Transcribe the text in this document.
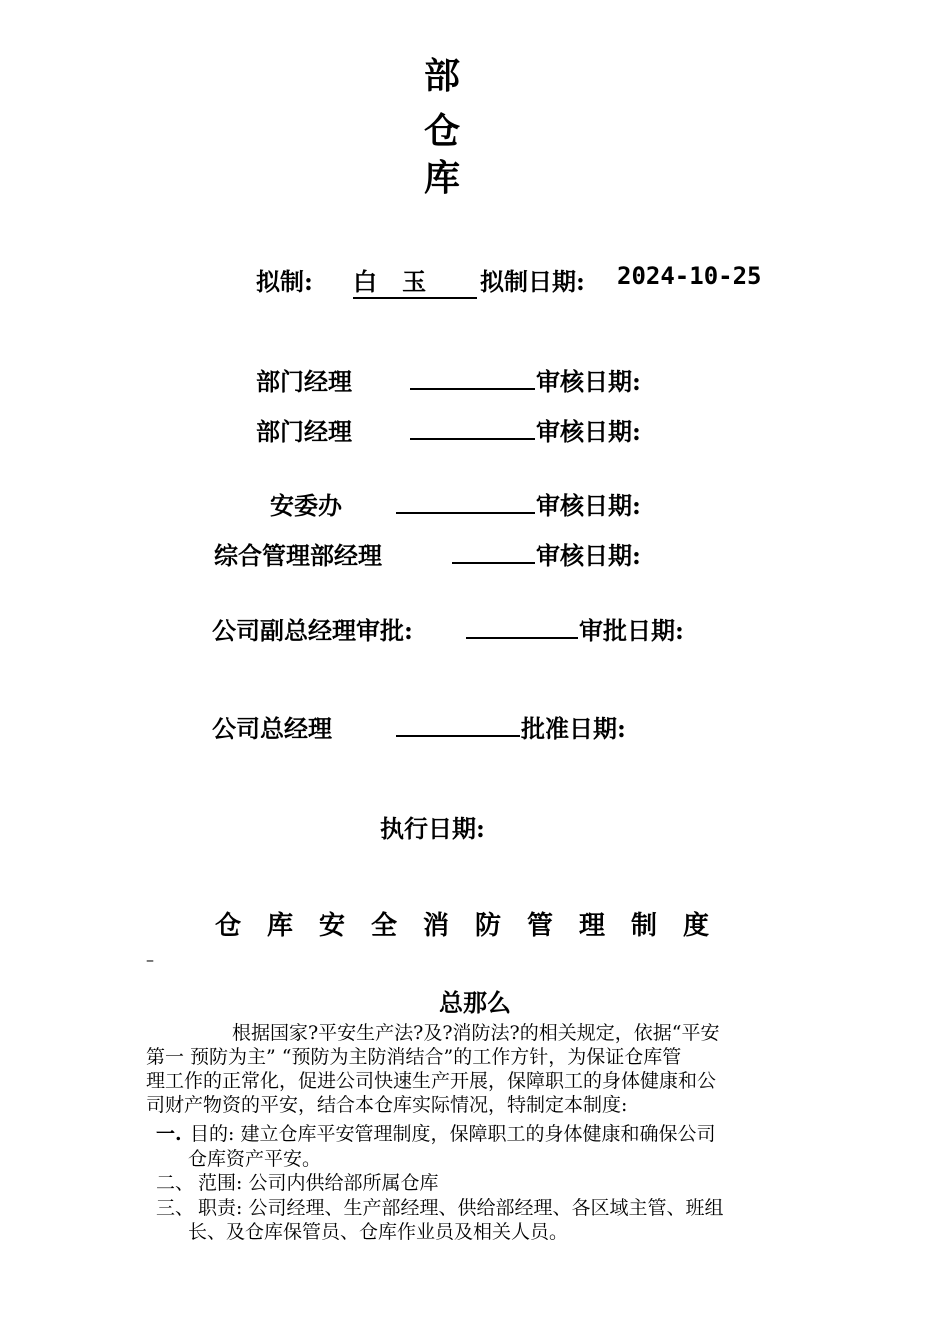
部
仓
库
拟制: 白   玉	拟制日期: 2024-10-25
部门经理	审核日期:
部门经理	审核日期:
安委办	审核日期:
综合管理部经理	审核日期:
公司副总经理审批:	审批日期:
公司总经理	批准日期:
执行日期:
仓库安全消防管理制度
–
总那么
根据国家?平安生产法?及?消防法?的相关规定，依据“平安
第一 预防为主” “预防为主防消结合”的工作方针，为保证仓库管
理工作的正常化，促进公司快速生产开展，保障职工的身体健康和公
司财产物资的平安，结合本仓库实际情况，特制定本制度:
一. 目的: 建立仓库平安管理制度，保障职工的身体健康和确保公司
仓库资产平安。
二、 范围: 公司内供给部所属仓库
三、 职责: 公司经理、生产部经理、供给部经理、各区域主管、班组
长、及仓库保管员、仓库作业员及相关人员。
